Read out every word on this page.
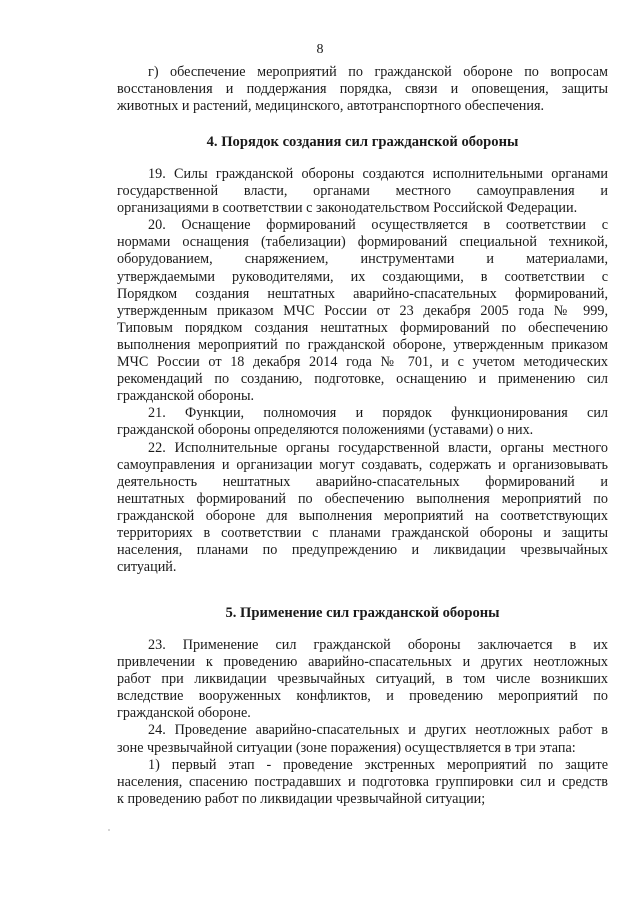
8

г) обеспечение мероприятий по гражданской обороне по вопросам
восстановления и поддержания порядка, связи и оповещения, защиты
животных и растений, медицинского, автотранспортного обеспечения.

4. Порядок создания сил гражданской обороны

19. Силы гражданской обороны создаются исполнительными органами
государственной власти, органами местного самоуправления и
организациями в соответствии с законодательством Российской Федерации.

20. Оснащение формирований осуществляется в соответствии с
нормами оснащения (табелизации) формирований специальной техникой,
оборудованием, снаряжением, инструментами и материалами,
утверждаемыми руководителями, их создающими, в соответствии с
Порядком создания нештатных аварийно-спасательных формирований,
утвержденным приказом МЧС России от 23 декабря 2005 года № 999,
Типовым порядком создания нештатных формирований по обеспечению
выполнения мероприятий по гражданской обороне, утвержденным приказом
МЧС России от 18 декабря 2014 года № 701, и с учетом методических
рекомендаций по созданию, подготовке, оснащению и применению сил
гражданской обороны.

21. Функции, полномочия и порядок функционирования сил
гражданской обороны определяются положениями (уставами) о них.

22. Исполнительные органы государственной власти, органы местного
самоуправления и организации могут создавать, содержать и организовывать
деятельность нештатных аварийно-спасательных формирований и
нештатных формирований по обеспечению выполнения мероприятий по
гражданской обороне для выполнения мероприятий на соответствующих
территориях в соответствии с планами гражданской обороны и защиты
населения, планами по предупреждению и ликвидации чрезвычайных
ситуаций.

5. Применение сил гражданской обороны

23. Применение сил гражданской обороны заключается в их
привлечении к проведению аварийно-спасательных и других неотложных
работ при ликвидации чрезвычайных ситуаций, в том числе возникших
вследствие вооруженных конфликтов, и проведению мероприятий по
гражданской обороне.

24. Проведение аварийно-спасательных и других неотложных работ в
зоне чрезвычайной ситуации (зоне поражения) осуществляется в три этапа:

1) первый этап - проведение экстренных мероприятий по защите
населения, спасению пострадавших и подготовка группировки сил и средств
к проведению работ по ликвидации чрезвычайной ситуации;
